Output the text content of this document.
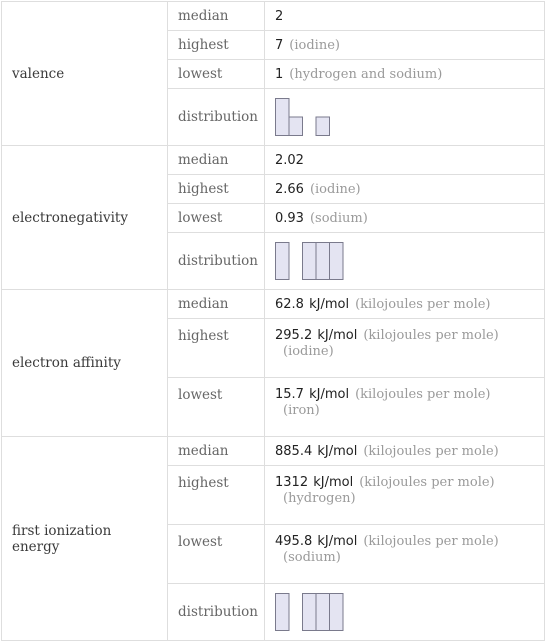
valence	median	2
	highest	7 (iodine)
	lowest	1 (hydrogen and sodium)
	distribution	

electronegativity	median	2.02
	highest	2.66 (iodine)
	lowest	0.93 (sodium)
	distribution	

electron affinity	median	62.8 kJ/mol (kilojoules per mole)
	highest	295.2 kJ/mol (kilojoules per mole)
(iodine)

	lowest	15.7 kJ/mol (kilojoules per mole)
(iron)

first ionization energy	median	885.4 kJ/mol (kilojoules per mole)
	highest	1312 kJ/mol (kilojoules per mole)
(hydrogen)

	lowest	495.8 kJ/mol (kilojoules per mole)
(sodium)

	distribution	
